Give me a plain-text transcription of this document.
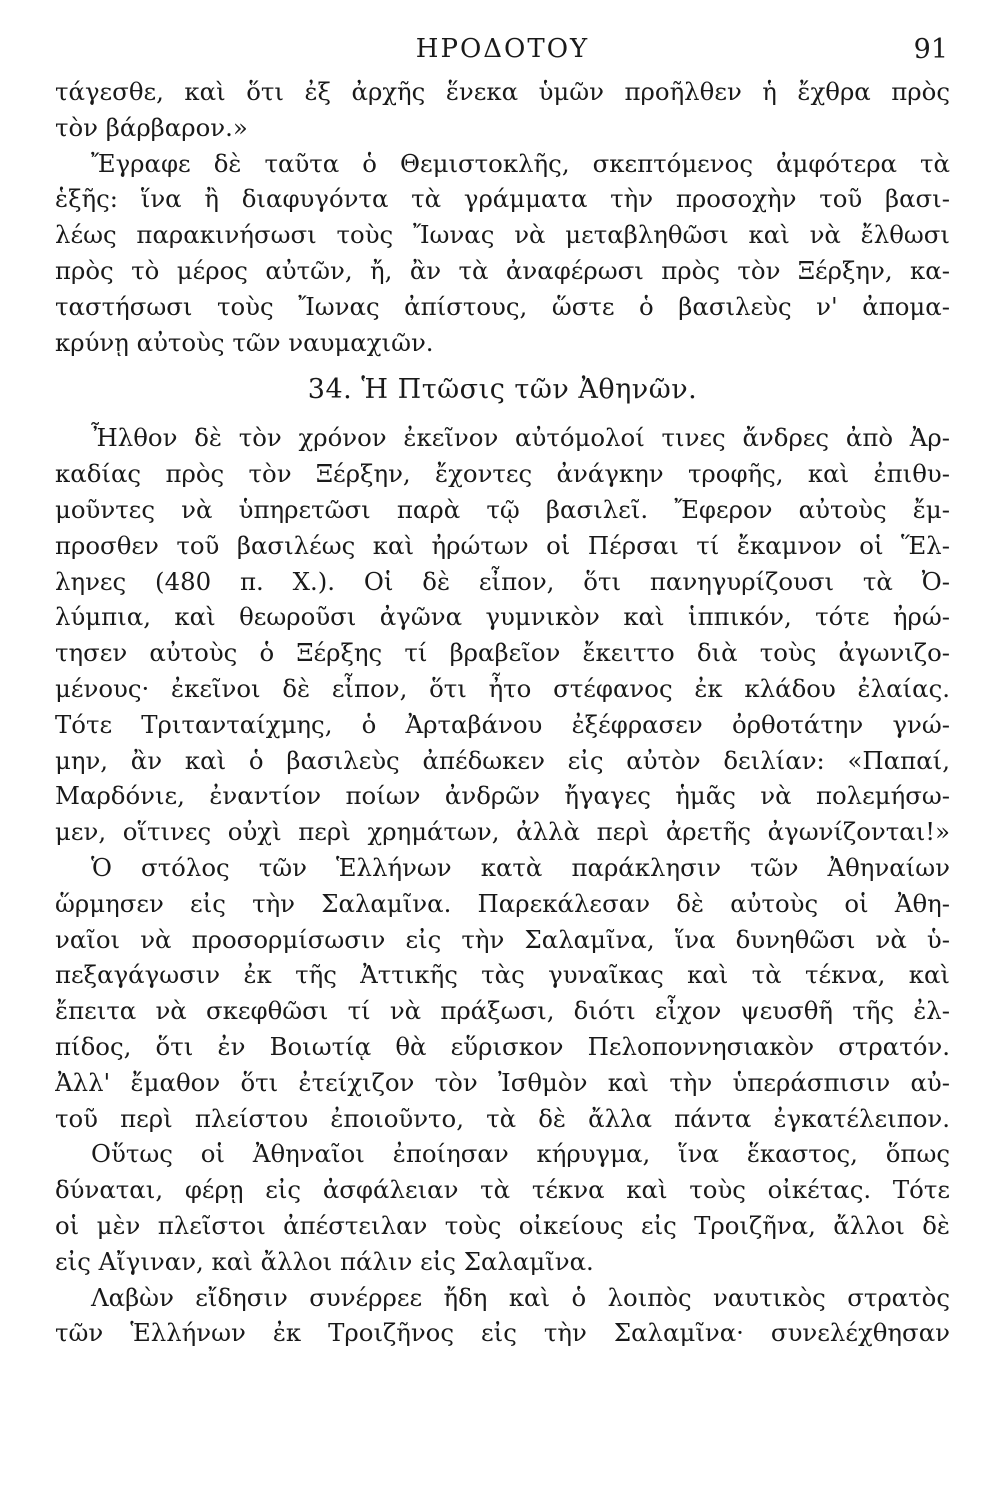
ΗΡΟΔΟΤΟΥ	91
τάγεσθε, καὶ ὅτι ἐξ ἀρχῆς ἕνεκα ὑμῶν προῆλθεν ἡ ἔχθρα πρὸς
τὸν βάρβαρον.»
Ἔγραφε δὲ ταῦτα ὁ Θεμιστοκλῆς, σκεπτόμενος ἀμφότερα τὰ
ἑξῆς: ἵνα ἢ διαφυγόντα τὰ γράμματα τὴν προσοχὴν τοῦ βασι-
λέως παρακινήσωσι τοὺς Ἴωνας νὰ μεταβληθῶσι καὶ νὰ ἔλθωσι
πρὸς τὸ μέρος αὐτῶν, ἤ, ἂν τὰ ἀναφέρωσι πρὸς τὸν Ξέρξην, κα-
ταστήσωσι τοὺς Ἴωνας ἀπίστους, ὥστε ὁ βασιλεὺς ν' ἀπομα-
κρύνῃ αὐτοὺς τῶν ναυμαχιῶν.
34. Ἡ Πτῶσις τῶν Ἀθηνῶν.
Ἦλθον δὲ τὸν χρόνον ἐκεῖνον αὐτόμολοί τινες ἄνδρες ἀπὸ Ἀρ-
καδίας πρὸς τὸν Ξέρξην, ἔχοντες ἀνάγκην τροφῆς, καὶ ἐπιθυ-
μοῦντες νὰ ὑπηρετῶσι παρὰ τῷ βασιλεῖ. Ἔφερον αὐτοὺς ἔμ-
προσθεν τοῦ βασιλέως καὶ ἠρώτων οἱ Πέρσαι τί ἔκαμνον οἱ Ἕλ-
ληνες (480 π. Χ.). Οἱ δὲ εἶπον, ὅτι πανηγυρίζουσι τὰ Ὀ-
λύμπια, καὶ θεωροῦσι ἀγῶνα γυμνικὸν καὶ ἱππικόν, τότε ἠρώ-
τησεν αὐτοὺς ὁ Ξέρξης τί βραβεῖον ἔκειττο διὰ τοὺς ἀγωνιζο-
μένους· ἐκεῖνοι δὲ εἶπον, ὅτι ἦτο στέφανος ἐκ κλάδου ἐλαίας.
Τότε Τριτανταίχμης, ὁ Ἀρταβάνου ἐξέφρασεν ὀρθοτάτην γνώ-
μην, ἂν καὶ ὁ βασιλεὺς ἀπέδωκεν εἰς αὐτὸν δειλίαν: «Παπαί,
Μαρδόνιε, ἐναντίον ποίων ἀνδρῶν ἤγαγες ἡμᾶς νὰ πολεμήσω-
μεν, οἵτινες οὐχὶ περὶ χρημάτων, ἀλλὰ περὶ ἀρετῆς ἀγωνίζονται!»
Ὁ στόλος τῶν Ἑλλήνων κατὰ παράκλησιν τῶν Ἀθηναίων
ὥρμησεν εἰς τὴν Σαλαμῖνα. Παρεκάλεσαν δὲ αὐτοὺς οἱ Ἀθη-
ναῖοι νὰ προσορμίσωσιν εἰς τὴν Σαλαμῖνα, ἵνα δυνηθῶσι νὰ ὑ-
πεξαγάγωσιν ἐκ τῆς Ἀττικῆς τὰς γυναῖκας καὶ τὰ τέκνα, καὶ
ἔπειτα νὰ σκεφθῶσι τί νὰ πράξωσι, διότι εἶχον ψευσθῆ τῆς ἐλ-
πίδος, ὅτι ἐν Βοιωτίᾳ θὰ εὕρισκον Πελοποννησιακὸν στρατόν.
Ἀλλ' ἔμαθον ὅτι ἐτείχιζον τὸν Ἰσθμὸν καὶ τὴν ὑπεράσπισιν αὐ-
τοῦ περὶ πλείστου ἐποιοῦντο, τὰ δὲ ἄλλα πάντα ἐγκατέλειπον.
Οὕτως οἱ Ἀθηναῖοι ἐποίησαν κήρυγμα, ἵνα ἕκαστος, ὅπως
δύναται, φέρῃ εἰς ἀσφάλειαν τὰ τέκνα καὶ τοὺς οἰκέτας. Τότε
οἱ μὲν πλεῖστοι ἀπέστειλαν τοὺς οἰκείους εἰς Τροιζῆνα, ἄλλοι δὲ
εἰς Αἴγιναν, καὶ ἄλλοι πάλιν εἰς Σαλαμῖνα.
Λαβὼν εἴδησιν συνέρρεε ἤδη καὶ ὁ λοιπὸς ναυτικὸς στρατὸς
τῶν Ἑλλήνων ἐκ Τροιζῆνος εἰς τὴν Σαλαμῖνα· συνελέχθησαν
